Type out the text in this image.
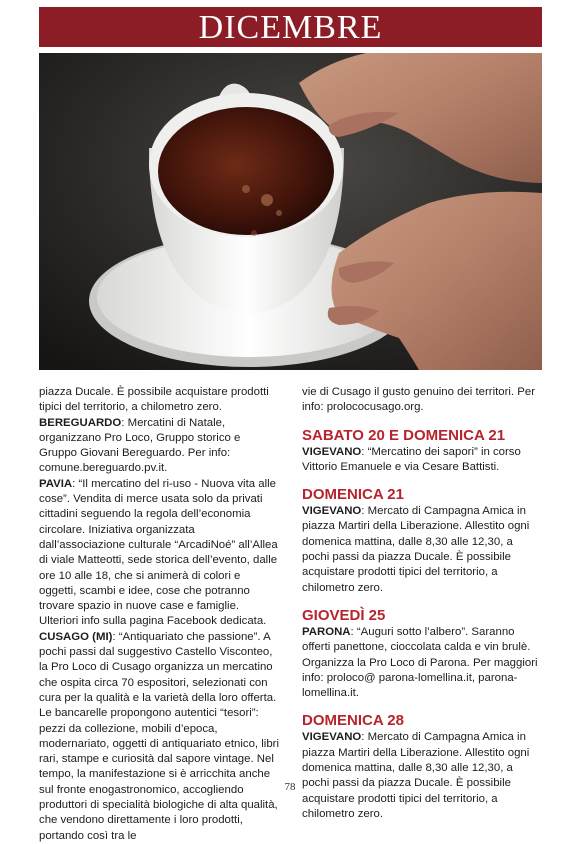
DICEMBRE

piazza Ducale. È possibile acquistare prodotti tipici del territorio, a chilometro zero.

BEREGUARDO: Mercatini di Natale, organizzano Pro Loco, Gruppo storico e Gruppo Giovani Bereguardo. Per info: comune.bereguardo.pv.it.

PAVIA: “Il mercatino del ri-uso - Nuova vita alle cose”. Vendita di merce usata solo da privati cittadini seguendo la regola dell’economia circolare. Iniziativa organizzata dall’associazione culturale “ArcadiNoé” all’Allea di viale Matteotti, sede storica dell’evento, dalle ore 10 alle 18, che si animerà di colori e oggetti, scambi e idee, cose che potranno trovare spazio in nuove case e famiglie. Ulteriori info sulla pagina Facebook dedicata.

CUSAGO (MI): “Antiquariato che passione”. A pochi passi dal suggestivo Castello Visconteo, la Pro Loco di Cusago organizza un mercatino che ospita circa 70 espositori, selezionati con cura per la qualità e la varietà della loro offerta. Le bancarelle propongono autentici “tesori”: pezzi da collezione, mobili d’epoca, modernariato, oggetti di antiquariato etnico, libri rari, stampe e curiosità dal sapore vintage. Nel tempo, la manifestazione si è arricchita anche sul fronte enogastronomico, accogliendo produttori di specialità biologiche di alta qualità, che vendono direttamente i loro prodotti, portando così tra le

vie di Cusago il gusto genuino dei territori. Per info: prolococusago.org.

SABATO 20 E DOMENICA 21

VIGEVANO: “Mercatino dei sapori” in corso Vittorio Emanuele e via Cesare Battisti.

DOMENICA 21

VIGEVANO: Mercato di Campagna Amica in piazza Martiri della Liberazione. Allestito ogni domenica mattina, dalle 8,30 alle 12,30, a pochi passi da piazza Ducale. È possibile acquistare prodotti tipici del territorio, a chilometro zero.

GIOVEDÌ 25

PARONA: “Auguri sotto l’albero”. Saranno offerti panettone, cioccolata calda e vin brulè. Organizza la Pro Loco di Parona. Per maggiori info: proloco@ parona-lomellina.it, parona-lomellina.it.

DOMENICA 28

VIGEVANO: Mercato di Campagna Amica in piazza Martiri della Liberazione. Allestito ogni domenica mattina, dalle 8,30 alle 12,30, a pochi passi da piazza Ducale. È possibile acquistare prodotti tipici del territorio, a chilometro zero.

78
